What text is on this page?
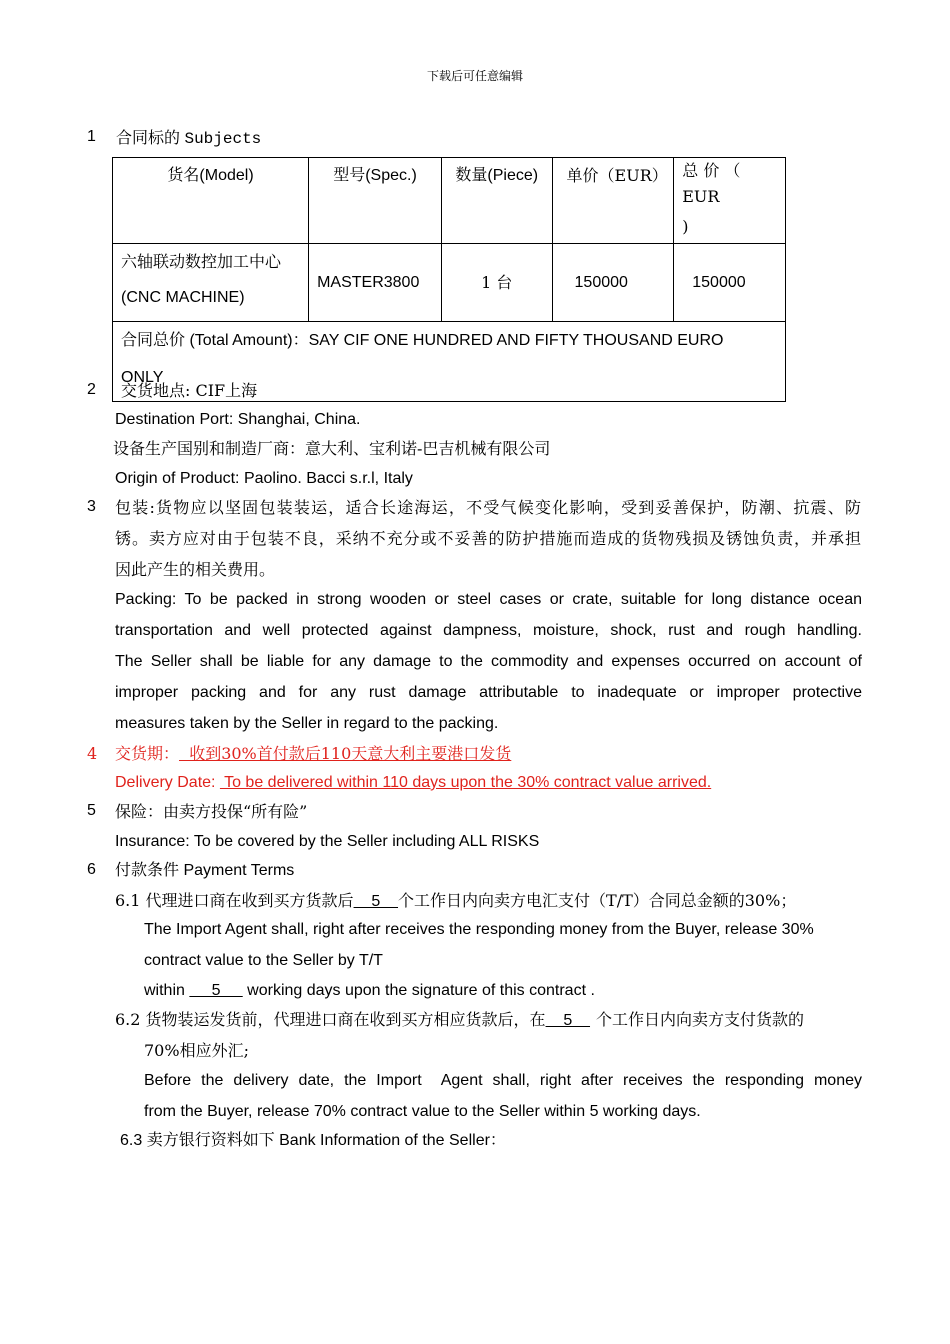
下载后可任意编辑
1 合同标的 Subjects
货名(Model)	型号(Spec.)	数量(Piece)	单价（EUR）	总 价 （ EUR
)

六轴联动数控加工中心
(CNC MACHINE)	MASTER3800	1 台	150000	150000

合同总价 (Total Amount)：SAY CIF ONE HUNDRED AND FIFTY THOUSAND EURO
ONLY				
2 交货地点: CIF上海
Destination Port: Shanghai, China.
设备生产国别和制造厂商：意大利、宝利诺-巴吉机械有限公司
Origin of Product: Paolino. Bacci s.r.l, Italy
3 包装:货物应以坚固包装装运，适合长途海运，不受气候变化影响，受到妥善保护，防潮、抗震、防
锈。卖方应对由于包装不良，采纳不充分或不妥善的防护措施而造成的货物残损及锈蚀负责，并承担
因此产生的相关费用。
Packing: To be packed in strong wooden or steel cases or crate, suitable for long distance ocean
transportation and well protected against dampness, moisture, shock, rust and rough handling.
The Seller shall be liable for any damage to the commodity and expenses occurred on account of
improper packing and for any rust damage attributable to inadequate or improper protective
measures taken by the Seller in regard to the packing.
4 交货期：  收到30%首付款后110天意大利主要港口发货
Delivery Date:  To be delivered within 110 days upon the 30% contract value arrived.
5 保险：由卖方投保“所有险”
Insurance: To be covered by the Seller including ALL RISKS
6 付款条件 Payment Terms
6.1 代理进口商在收到买方货款后    5    个工作日内向卖方电汇支付（T/T）合同总金额的30%；
The Import Agent shall, right after receives the responding money from the Buyer, release 30%
contract value to the Seller by T/T
within      5      working days upon the signature of this contract .
6.2 货物装运发货前，代理进口商在收到买方相应货款后，在    5    个工作日内向卖方支付货款的
70%相应外汇;
Before the delivery date, the Import  Agent shall, right after receives the responding money
from the Buyer, release 70% contract value to the Seller within 5 working days.
6.3 卖方银行资料如下 Bank Information of the Seller：
